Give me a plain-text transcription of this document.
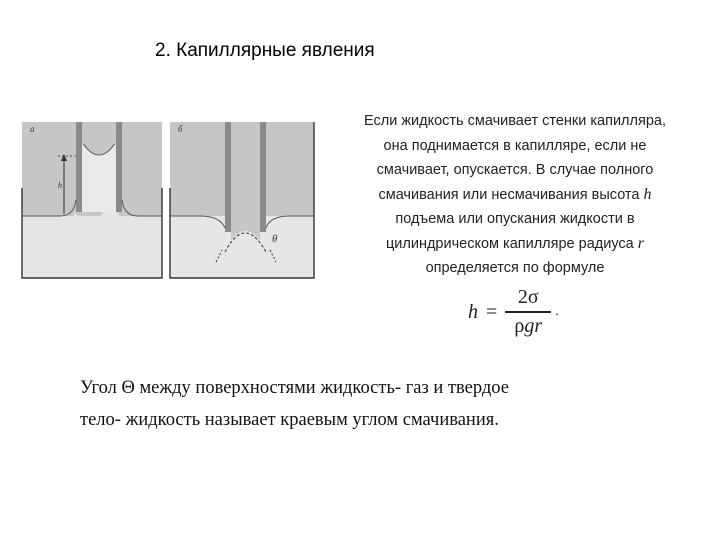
2. Капиллярные явления
а
h
б
θ
Если жидкость смачивает стенки капилляра,
она поднимается в капилляре, если не
смачивает, опускается. В случае полного
смачивания или несмачивания высота h
подъема или опускания жидкости в
цилиндрическом капилляре радиуса r
определяется по формуле
$h = \frac{2\sigma}{\text{ρgr}}$ .
Угол Θ между поверхностями жидкость- газ и твердое
тело- жидкость называет краевым углом смачивания.
